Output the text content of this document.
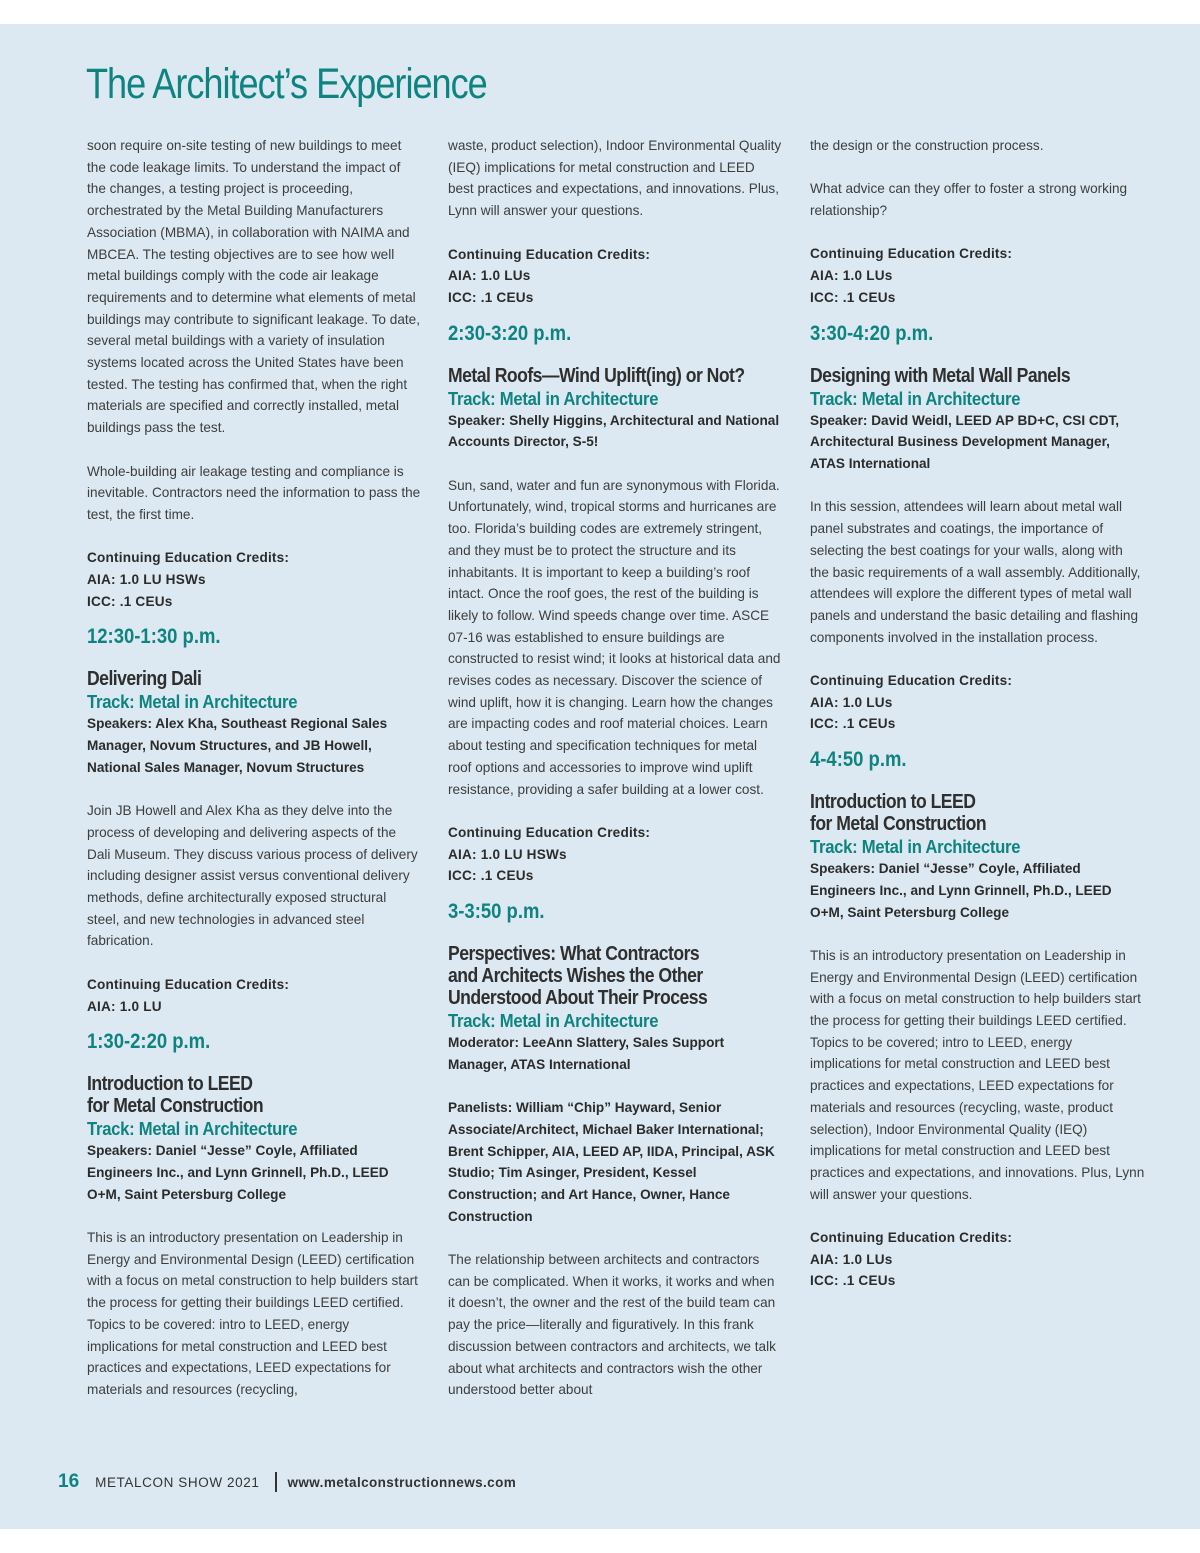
The Architect’s Experience

soon require on-site testing of new buildings to meet the code leakage limits. To understand the impact of the changes, a testing project is proceeding, orchestrated by the Metal Building Manufacturers Association (MBMA), in collaboration with NAIMA and MBCEA. The testing objectives are to see how well metal buildings comply with the code air leakage requirements and to determine what elements of metal buildings may contribute to significant leakage. To date, several metal buildings with a variety of insulation systems located across the United States have been tested. The testing has confirmed that, when the right materials are specified and correctly installed, metal buildings pass the test.

Whole-building air leakage testing and compliance is inevitable. Contractors need the information to pass the test, the first time.

Continuing Education Credits:
AIA: 1.0 LU HSWs
ICC: .1 CEUs
12:30-1:30 p.m.
Delivering Dali
Track: Metal in Architecture
Speakers: Alex Kha, Southeast Regional Sales Manager, Novum Structures, and JB Howell, National Sales Manager, Novum Structures

Join JB Howell and Alex Kha as they delve into the process of developing and delivering aspects of the Dali Museum. They discuss various process of delivery including designer assist versus conventional delivery methods, define architecturally exposed structural steel, and new technologies in advanced steel fabrication.

Continuing Education Credits:
AIA: 1.0 LU
1:30-2:20 p.m.
Introduction to LEED
for Metal Construction
Track: Metal in Architecture
Speakers: Daniel “Jesse” Coyle, Affiliated Engineers Inc., and Lynn Grinnell, Ph.D., LEED O+M, Saint Petersburg College

This is an introductory presentation on Leadership in Energy and Environmental Design (LEED) certification with a focus on metal construction to help builders start the process for getting their buildings LEED certified. Topics to be covered: intro to LEED, energy implications for metal construction and LEED best practices and expectations, LEED expectations for materials and resources (recycling,

waste, product selection), Indoor Environmental Quality (IEQ) implications for metal construction and LEED best practices and expectations, and innovations. Plus, Lynn will answer your questions.

Continuing Education Credits:
AIA: 1.0 LUs
ICC: .1 CEUs
2:30-3:20 p.m.
Metal Roofs—Wind Uplift(ing) or Not?
Track: Metal in Architecture
Speaker: Shelly Higgins, Architectural and National Accounts Director, S-5!

Sun, sand, water and fun are synonymous with Florida. Unfortunately, wind, tropical storms and hurricanes are too. Florida’s building codes are extremely stringent, and they must be to protect the structure and its inhabitants. It is important to keep a building’s roof intact. Once the roof goes, the rest of the building is likely to follow. Wind speeds change over time. ASCE 07-16 was established to ensure buildings are constructed to resist wind; it looks at historical data and revises codes as necessary. Discover the science of wind uplift, how it is changing. Learn how the changes are impacting codes and roof material choices. Learn about testing and specification techniques for metal roof options and accessories to improve wind uplift resistance, providing a safer building at a lower cost.

Continuing Education Credits:
AIA: 1.0 LU HSWs
ICC: .1 CEUs
3-3:50 p.m.
Perspectives: What Contractors
and Architects Wishes the Other
Understood About Their Process
Track: Metal in Architecture
Moderator: LeeAnn Slattery, Sales Support Manager, ATAS International
Panelists: William “Chip” Hayward, Senior Associate/Architect, Michael Baker International; Brent Schipper, AIA, LEED AP, IIDA, Principal, ASK Studio; Tim Asinger, President, Kessel Construction; and Art Hance, Owner, Hance Construction

The relationship between architects and contractors can be complicated. When it works, it works and when it doesn’t, the owner and the rest of the build team can pay the price—literally and figuratively. In this frank discussion between contractors and architects, we talk about what architects and contractors wish the other understood better about

the design or the construction process.

What advice can they offer to foster a strong working relationship?

Continuing Education Credits:
AIA: 1.0 LUs
ICC: .1 CEUs
3:30-4:20 p.m.
Designing with Metal Wall Panels
Track: Metal in Architecture
Speaker: David Weidl, LEED AP BD+C, CSI CDT, Architectural Business Development Manager, ATAS International

In this session, attendees will learn about metal wall panel substrates and coatings, the importance of selecting the best coatings for your walls, along with the basic requirements of a wall assembly. Additionally, attendees will explore the different types of metal wall panels and understand the basic detailing and flashing components involved in the installation process.

Continuing Education Credits:
AIA: 1.0 LUs
ICC: .1 CEUs
4-4:50 p.m.
Introduction to LEED
for Metal Construction
Track: Metal in Architecture
Speakers: Daniel “Jesse” Coyle, Affiliated Engineers Inc., and Lynn Grinnell, Ph.D., LEED O+M, Saint Petersburg College

This is an introductory presentation on Leadership in Energy and Environmental Design (LEED) certification with a focus on metal construction to help builders start the process for getting their buildings LEED certified. Topics to be covered; intro to LEED, energy implications for metal construction and LEED best practices and expectations, LEED expectations for materials and resources (recycling, waste, product selection), Indoor Environmental Quality (IEQ) implications for metal construction and LEED best practices and expectations, and innovations. Plus, Lynn will answer your questions.

Continuing Education Credits:
AIA: 1.0 LUs
ICC: .1 CEUs
16 METALCON SHOW 2021 www.metalconstructionnews.com
